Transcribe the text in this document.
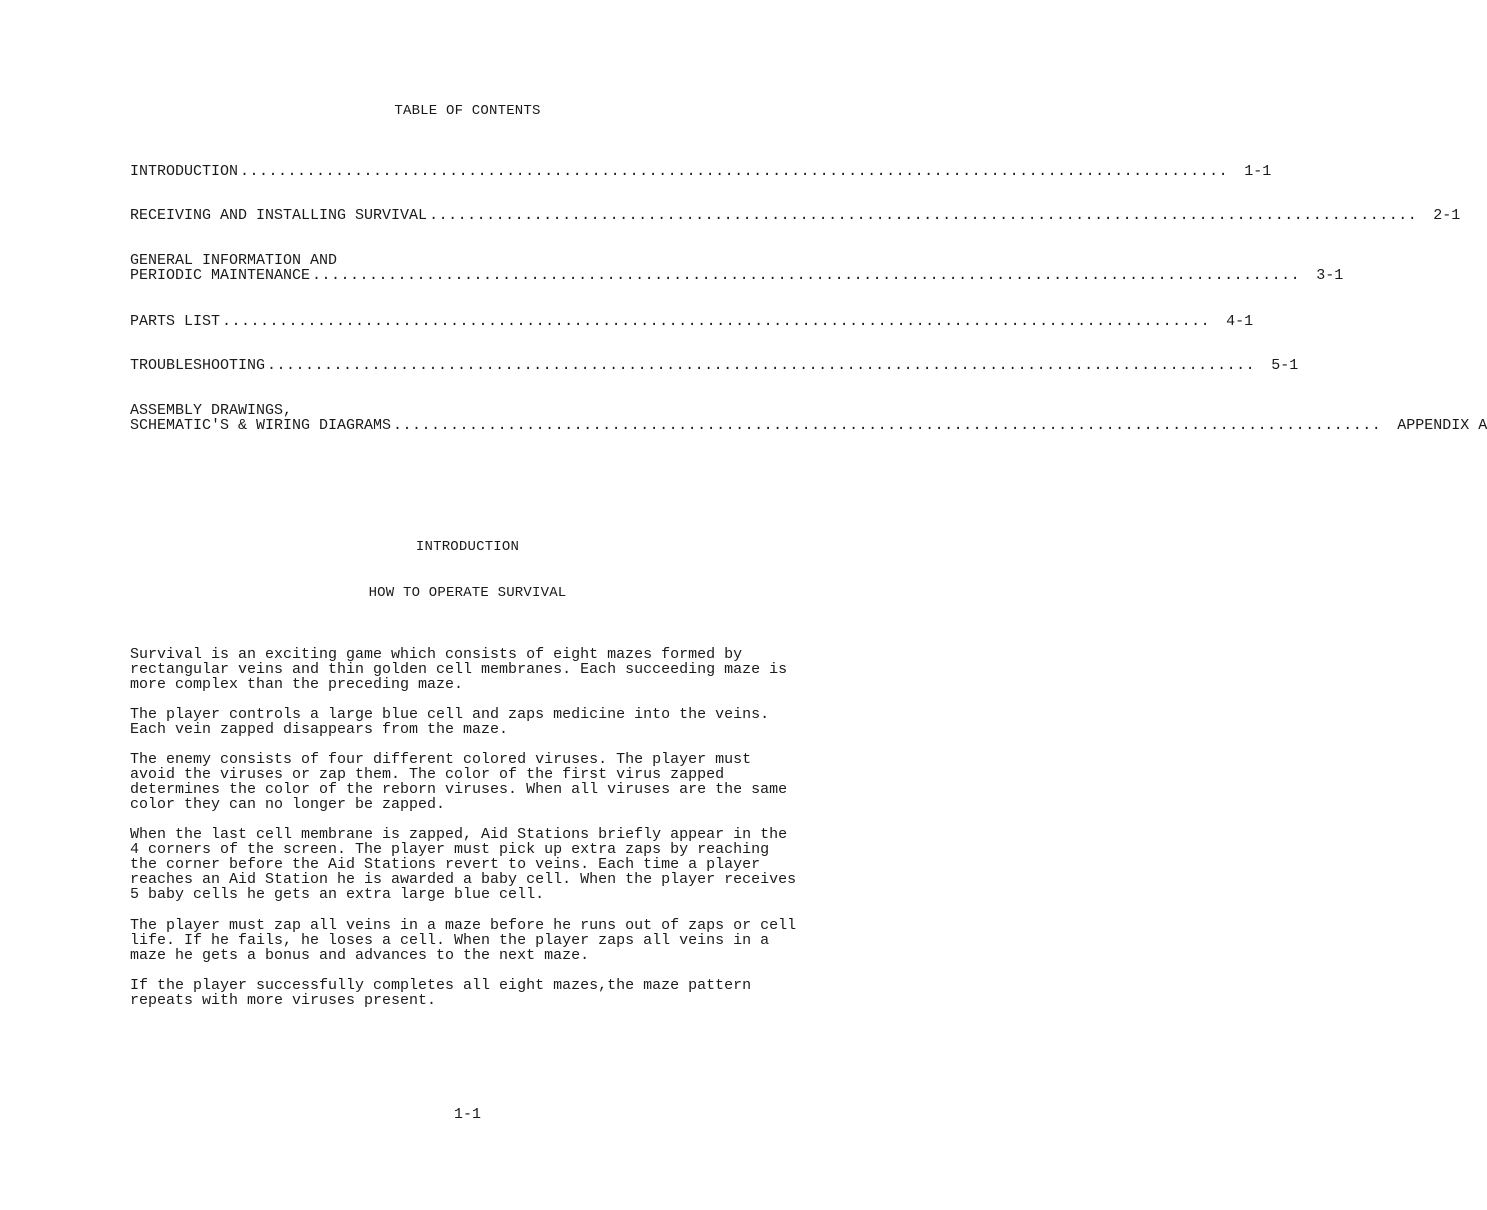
TABLE OF CONTENTS
INTRODUCTION ........................................................................................................ 1-1
RECEIVING AND INSTALLING SURVIVAL ........................................................................................................ 2-1
GENERAL INFORMATION AND
PERIODIC MAINTENANCE ........................................................................................................ 3-1
PARTS LIST ........................................................................................................ 4-1
TROUBLESHOOTING ........................................................................................................ 5-1
ASSEMBLY DRAWINGS,
SCHEMATIC'S & WIRING DIAGRAMS ........................................................................................................ APPENDIX A
INTRODUCTION
HOW TO OPERATE SURVIVAL
Survival is an exciting game which consists of eight mazes formed by
rectangular veins and thin golden cell membranes. Each succeeding maze is
more complex than the preceding maze.
The player controls a large blue cell and zaps medicine into the veins.
Each vein zapped disappears from the maze.
The enemy consists of four different colored viruses. The player must
avoid the viruses or zap them. The color of the first virus zapped
determines the color of the reborn viruses. When all viruses are the same
color they can no longer be zapped.
When the last cell membrane is zapped, Aid Stations briefly appear in the
4 corners of the screen. The player must pick up extra zaps by reaching
the corner before the Aid Stations revert to veins. Each time a player
reaches an Aid Station he is awarded a baby cell. When the player receives
5 baby cells he gets an extra large blue cell.
The player must zap all veins in a maze before he runs out of zaps or cell
life. If he fails, he loses a cell. When the player zaps all veins in a
maze he gets a bonus and advances to the next maze.
If the player successfully completes all eight mazes,the maze pattern
repeats with more viruses present.
1-1
